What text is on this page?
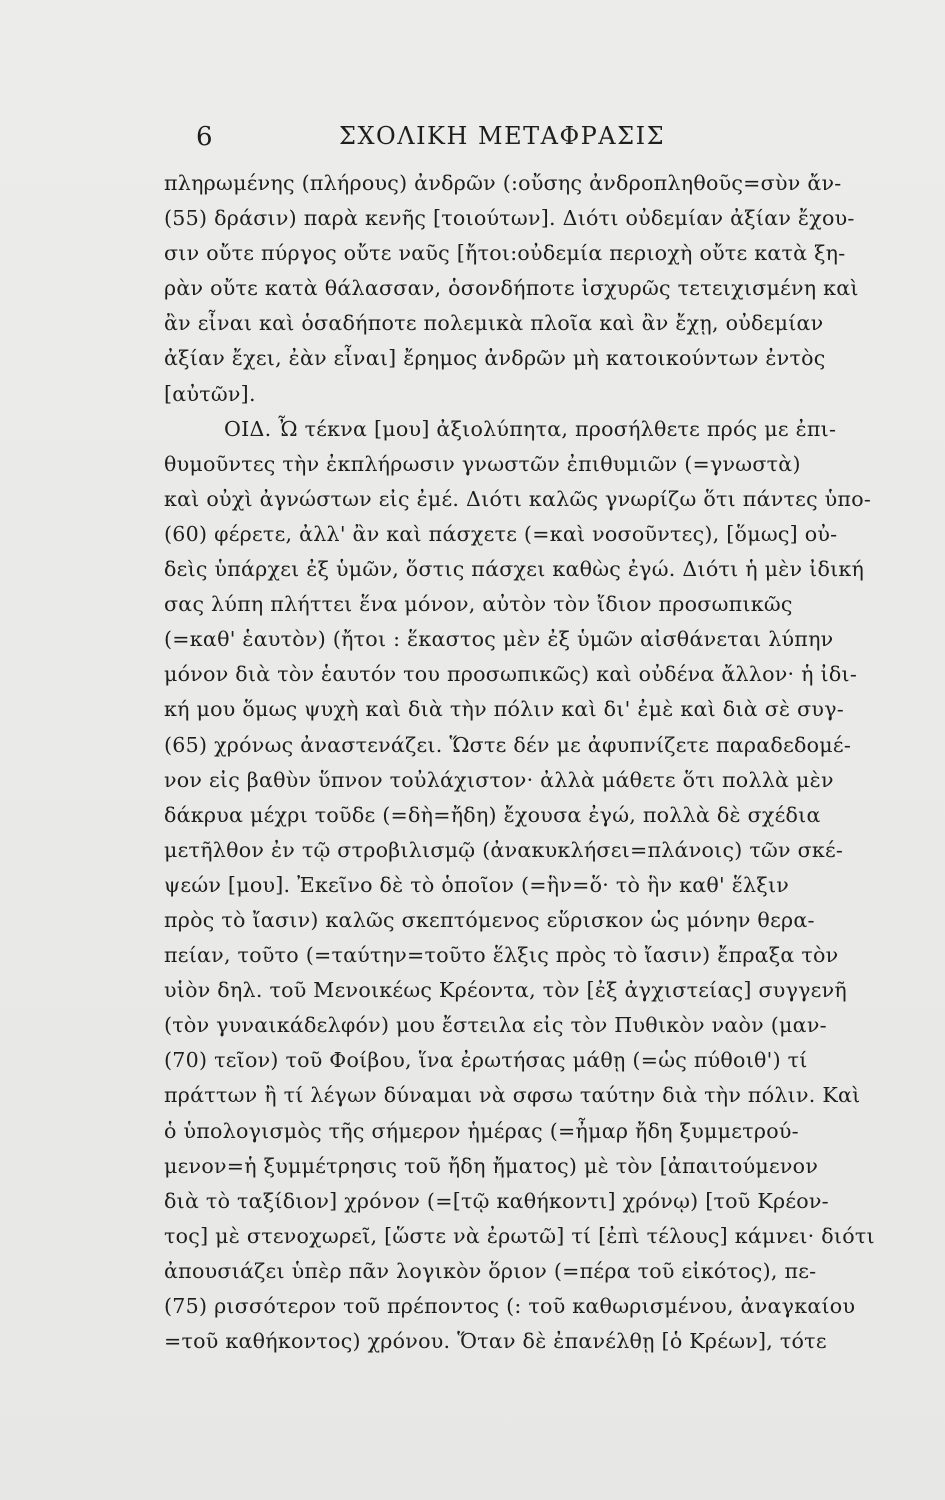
6	ΣΧΟΛΙΚΗ ΜΕΤΑΦΡΑΣΙΣ
πληρωμένης (πλήρους) ἀνδρῶν (:οὔσης ἀνδροπληθοῦς=σὺν ἄν-
(55) δράσιν) παρὰ κενῆς [τοιούτων]. Διότι οὐδεμίαν ἀξίαν ἔχου-
σιν οὔτε πύργος οὔτε ναῦς [ἤτοι:οὐδεμία περιοχὴ οὔτε κατὰ ξη-
ρὰν οὔτε κατὰ θάλασσαν, ὁσονδήποτε ἰσχυρῶς τετειχισμένη καὶ
ἂν εἶναι καὶ ὁσαδήποτε πολεμικὰ πλοῖα καὶ ἂν ἔχῃ, οὐδεμίαν
ἀξίαν ἔχει, ἐὰν εἶναι] ἔρημος ἀνδρῶν μὴ κατοικούντων ἐντὸς
[αὐτῶν].
ΟΙΔ. Ὦ τέκνα [μου] ἀξιολύπητα, προσήλθετε πρός με ἐπι-
θυμοῦντες τὴν ἐκπλήρωσιν γνωστῶν ἐπιθυμιῶν (=γνωστὰ)
καὶ οὐχὶ ἀγνώστων εἰς ἐμέ. Διότι καλῶς γνωρίζω ὅτι πάντες ὑπο-
(60) φέρετε, ἀλλ' ἂν καὶ πάσχετε (=καὶ νοσοῦντες), [ὅμως] οὐ-
δεὶς ὑπάρχει ἐξ ὑμῶν, ὅστις πάσχει καθὼς ἐγώ. Διότι ἡ μὲν ἰδική
σας λύπη πλήττει ἕνα μόνον, αὐτὸν τὸν ἴδιον προσωπικῶς
(=καθ' ἑαυτὸν) (ἤτοι : ἕκαστος μὲν ἐξ ὑμῶν αἰσθάνεται λύπην
μόνον διὰ τὸν ἑαυτόν του προσωπικῶς) καὶ οὐδένα ἄλλον· ἡ ἰδι-
κή μου ὅμως ψυχὴ καὶ διὰ τὴν πόλιν καὶ δι' ἐμὲ καὶ διὰ σὲ συγ-
(65) χρόνως ἀναστενάζει. Ὥστε δέν με ἀφυπνίζετε παραδεδομέ-
νον εἰς βαθὺν ὕπνον τοὐλάχιστον· ἀλλὰ μάθετε ὅτι πολλὰ μὲν
δάκρυα μέχρι τοῦδε (=δὴ=ἤδη) ἔχουσα ἐγώ, πολλὰ δὲ σχέδια
μετῆλθον ἐν τῷ στροβιλισμῷ (ἀνακυκλήσει=πλάνοις) τῶν σκέ-
ψεών [μου]. Ἐκεῖνο δὲ τὸ ὁποῖον (=ἣν=ὅ· τὸ ἣν καθ' ἕλξιν
πρὸς τὸ ἴασιν) καλῶς σκεπτόμενος εὕρισκον ὡς μόνην θερα-
πείαν, τοῦτο (=ταύτην=τοῦτο ἕλξις πρὸς τὸ ἴασιν) ἔπραξα τὸν
υἱὸν δηλ. τοῦ Μενοικέως Κρέοντα, τὸν [ἐξ ἀγχιστείας] συγγενῆ
(τὸν γυναικάδελφόν) μου ἔστειλα εἰς τὸν Πυθικὸν ναὸν (μαν-
(70) τεῖον) τοῦ Φοίβου, ἵνα ἐρωτήσας μάθῃ (=ὡς πύθοιθ') τί
πράττων ἢ τί λέγων δύναμαι νὰ σφσω ταύτην διὰ τὴν πόλιν. Καὶ
ὁ ὑπολογισμὸς τῆς σήμερον ἡμέρας (=ἦμαρ ἤδη ξυμμετρού-
μενον=ἡ ξυμμέτρησις τοῦ ἤδη ἤματος) μὲ τὸν [ἀπαιτούμενον
διὰ τὸ ταξίδιον] χρόνον (=[τῷ καθήκοντι] χρόνῳ) [τοῦ Κρέον-
τος] μὲ στενοχωρεῖ, [ὥστε νὰ ἐρωτῶ] τί [ἐπὶ τέλους] κάμνει· διότι
ἀπουσιάζει ὑπὲρ πᾶν λογικὸν ὅριον (=πέρα τοῦ εἰκότος), πε-
(75) ρισσότερον τοῦ πρέποντος (: τοῦ καθωρισμένου, ἀναγκαίου
=τοῦ καθήκοντος) χρόνου. Ὅταν δὲ ἐπανέλθῃ [ὁ Κρέων], τότε
